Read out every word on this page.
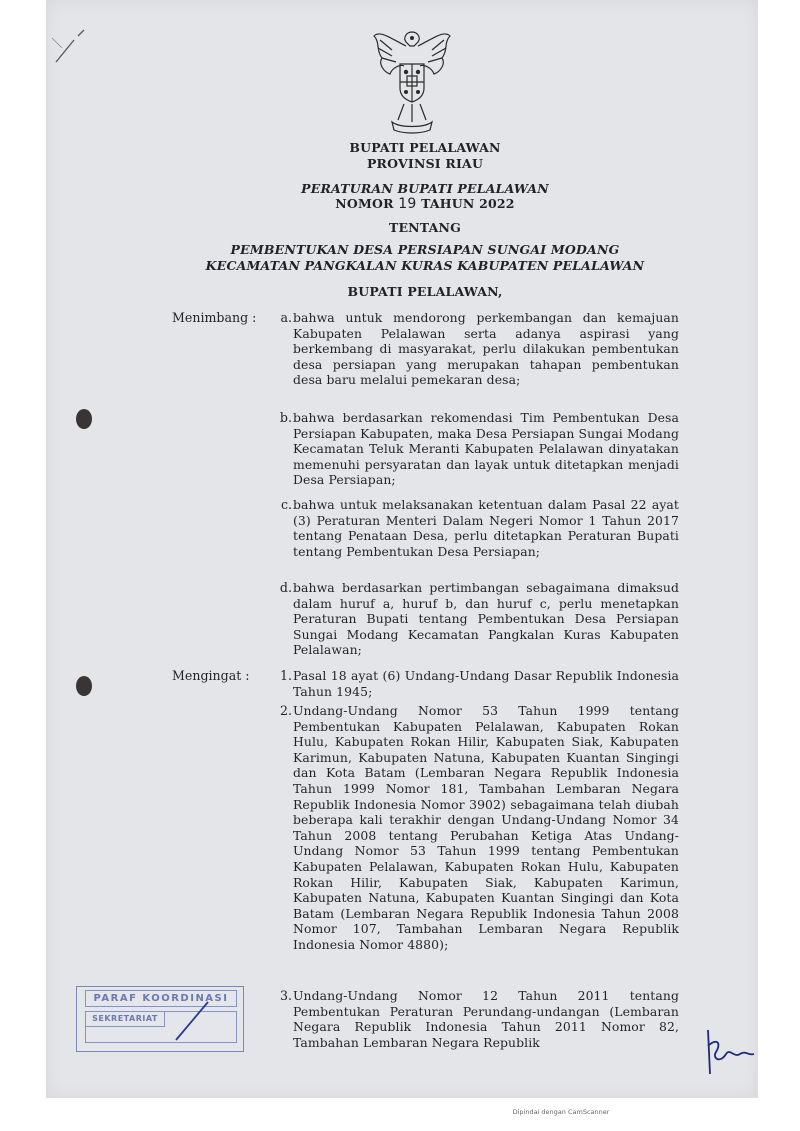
BUPATI PELALAWAN
PROVINSI RIAU
PERATURAN BUPATI PELALAWAN
NOMOR 19 TAHUN 2022
TENTANG
PEMBENTUKAN DESA PERSIAPAN SUNGAI MODANG
KECAMATAN PANGKALAN KURAS KABUPATEN PELALAWAN
BUPATI PELALAWAN,
Menimbang :	a. bahwa untuk mendorong perkembangan dan kemajuan Kabupaten Pelalawan serta adanya aspirasi yang berkembang di masyarakat, perlu dilakukan pembentukan desa persiapan yang merupakan tahapan pembentukan desa baru melalui pemekaran desa;
b. bahwa berdasarkan rekomendasi Tim Pembentukan Desa Persiapan Kabupaten, maka Desa Persiapan Sungai Modang Kecamatan Teluk Meranti Kabupaten Pelalawan dinyatakan memenuhi persyaratan dan layak untuk ditetapkan menjadi Desa Persiapan;
c. bahwa untuk melaksanakan ketentuan dalam Pasal 22 ayat (3) Peraturan Menteri Dalam Negeri Nomor 1 Tahun 2017 tentang Penataan Desa, perlu ditetapkan Peraturan Bupati tentang Pembentukan Desa Persiapan;
d. bahwa berdasarkan pertimbangan sebagaimana dimaksud dalam huruf a, huruf b, dan huruf c, perlu menetapkan Peraturan Bupati tentang Pembentukan Desa Persiapan Sungai Modang Kecamatan Pangkalan Kuras Kabupaten Pelalawan;
Mengingat :	1. Pasal 18 ayat (6) Undang-Undang Dasar Republik Indonesia Tahun 1945;
2. Undang-Undang Nomor 53 Tahun 1999 tentang Pembentukan Kabupaten Pelalawan, Kabupaten Rokan Hulu, Kabupaten Rokan Hilir, Kabupaten Siak, Kabupaten Karimun, Kabupaten Natuna, Kabupaten Kuantan Singingi dan Kota Batam (Lembaran Negara Republik Indonesia Tahun 1999 Nomor 181, Tambahan Lembaran Negara Republik Indonesia Nomor 3902) sebagaimana telah diubah beberapa kali terakhir dengan Undang-Undang Nomor 34 Tahun 2008 tentang Perubahan Ketiga Atas Undang-Undang Nomor 53 Tahun 1999 tentang Pembentukan Kabupaten Pelalawan, Kabupaten Rokan Hulu, Kabupaten Rokan Hilir, Kabupaten Siak, Kabupaten Karimun, Kabupaten Natuna, Kabupaten Kuantan Singingi dan Kota Batam (Lembaran Negara Republik Indonesia Tahun 2008 Nomor 107, Tambahan Lembaran Negara Republik Indonesia Nomor 4880);
3. Undang-Undang Nomor 12 Tahun 2011 tentang Pembentukan Peraturan Perundang-undangan (Lembaran Negara Republik Indonesia Tahun 2011 Nomor 82, Tambahan Lembaran Negara Republik
PARAF KOORDINASI
SEKRETARIAT
Dipindai dengan CamScanner
